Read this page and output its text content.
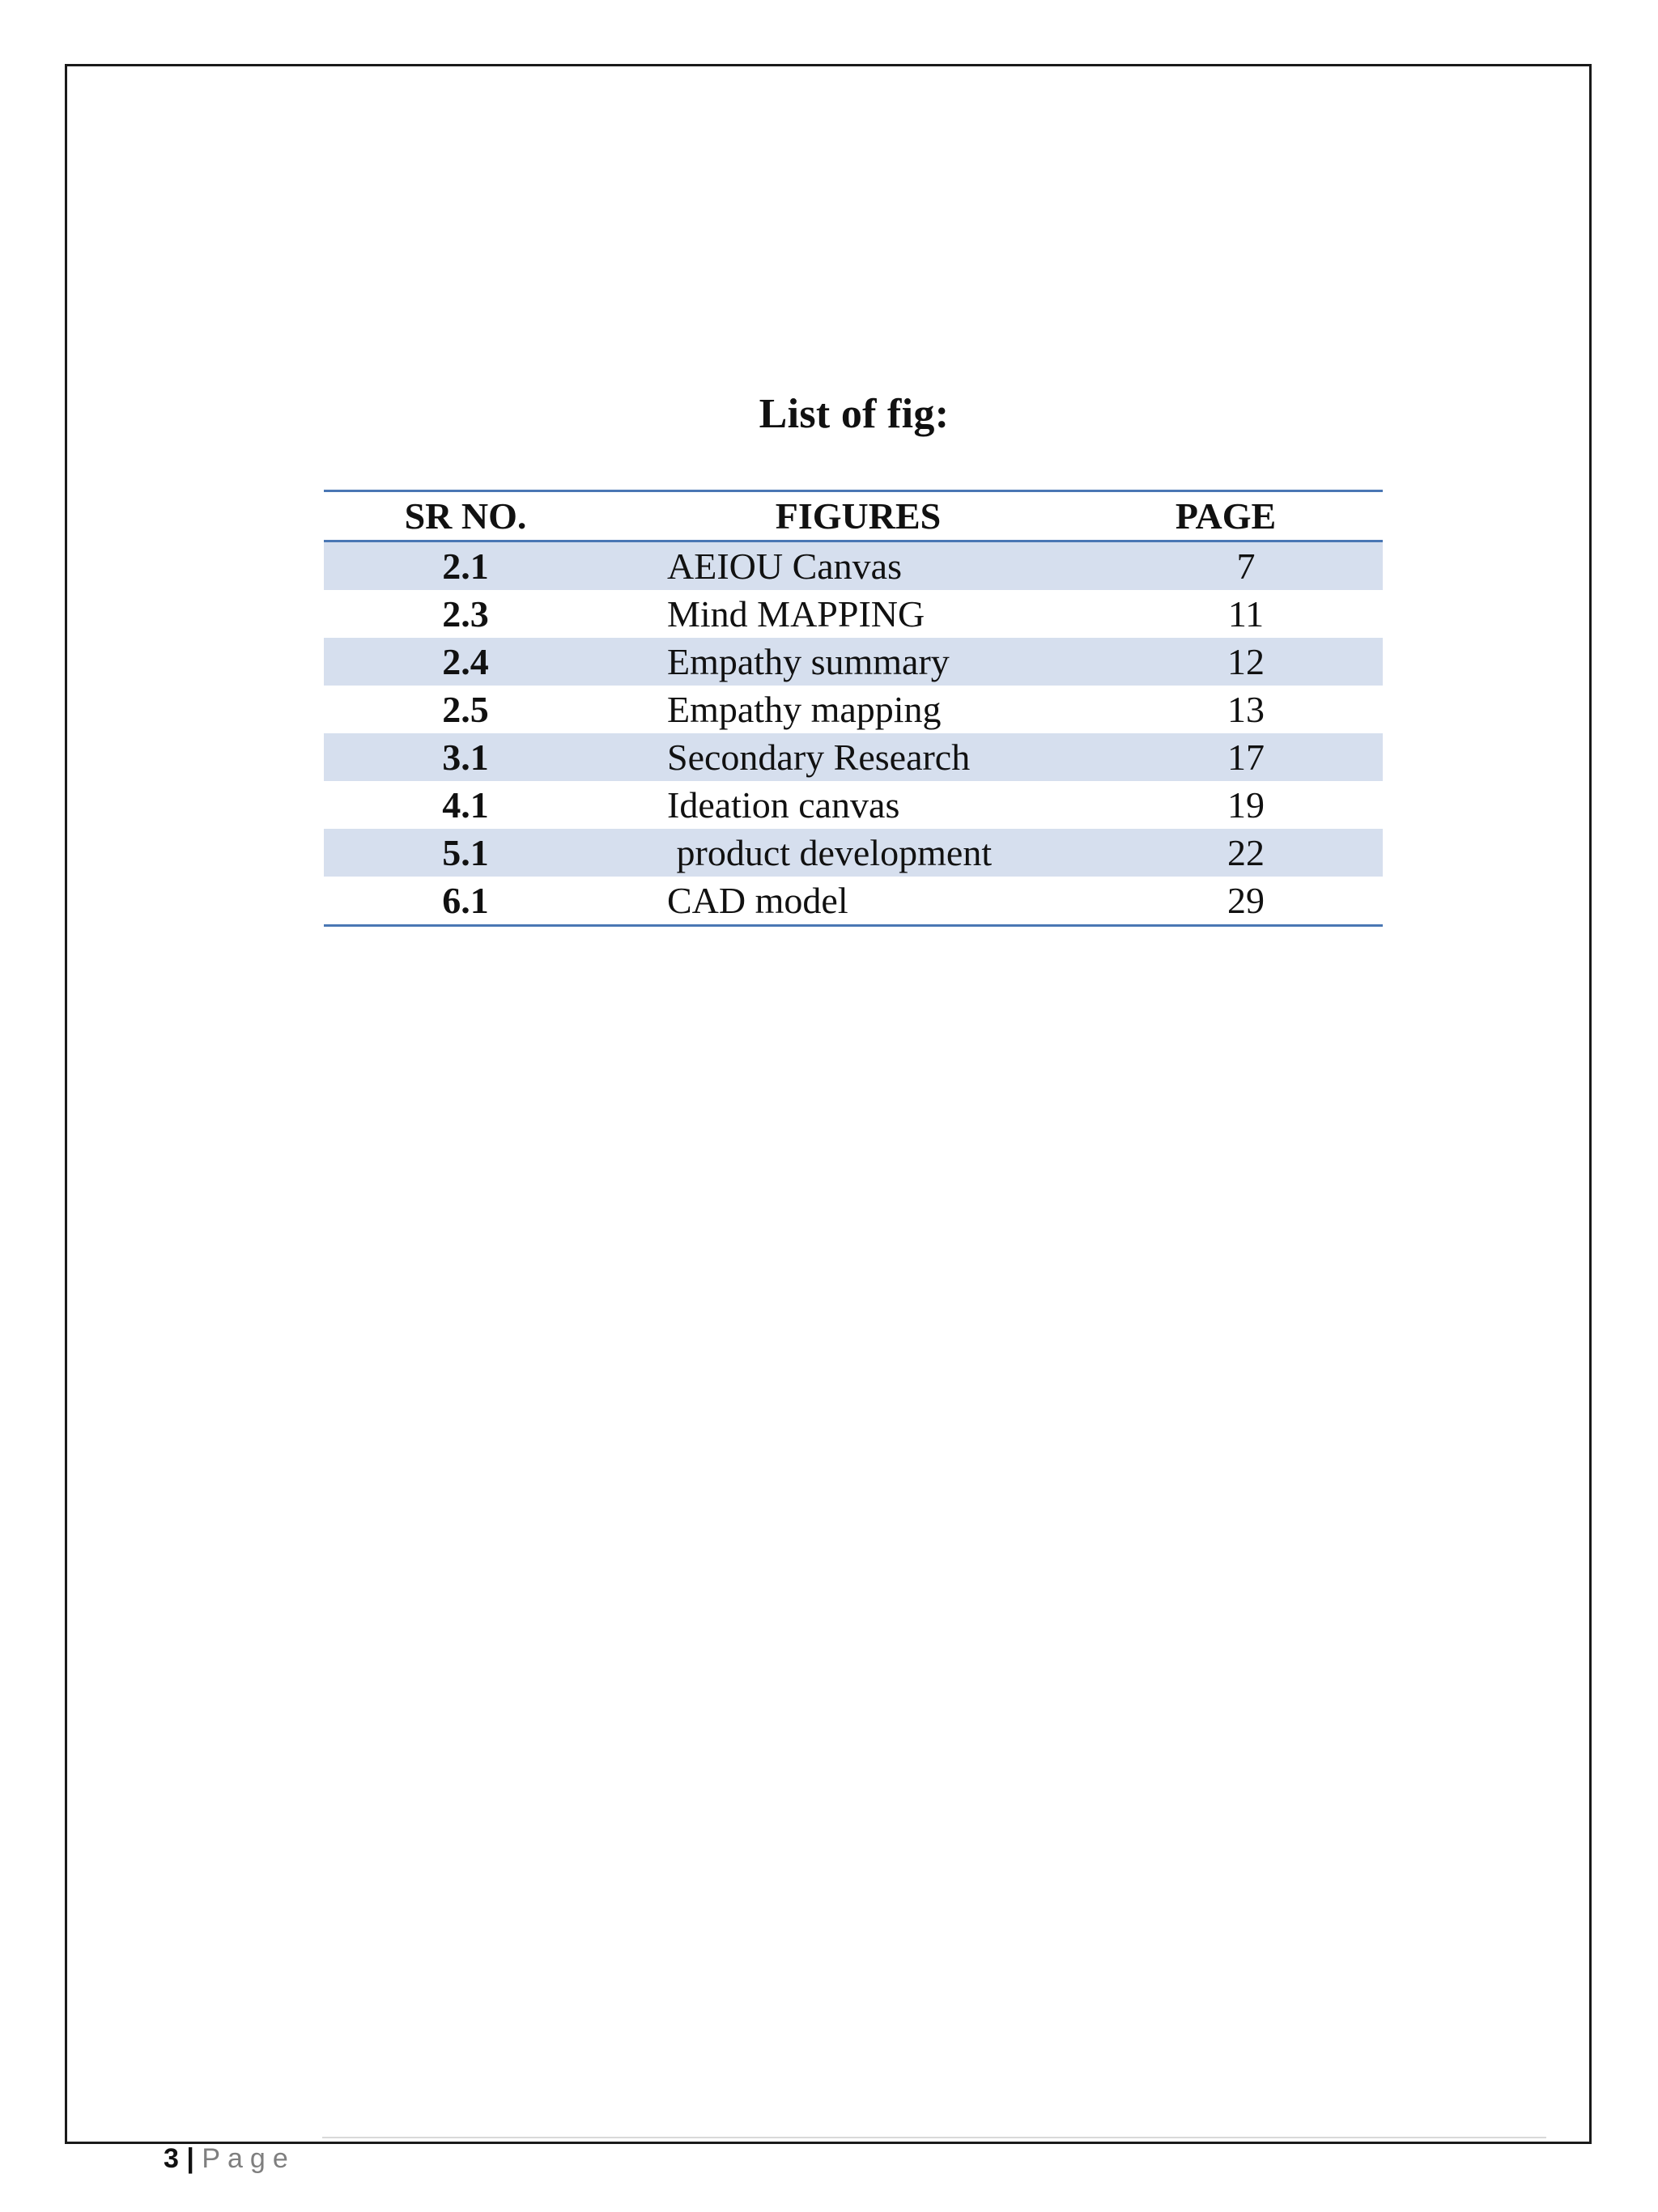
List of fig:
SR NO.	FIGURES	PAGE
2.1	AEIOU Canvas	7
2.3	Mind MAPPING	11
2.4	Empathy summary	12
2.5	Empathy mapping	13
3.1	Secondary Research	17
4.1	Ideation canvas	19
5.1	product development	22
6.1	CAD model	29
3 | Page
